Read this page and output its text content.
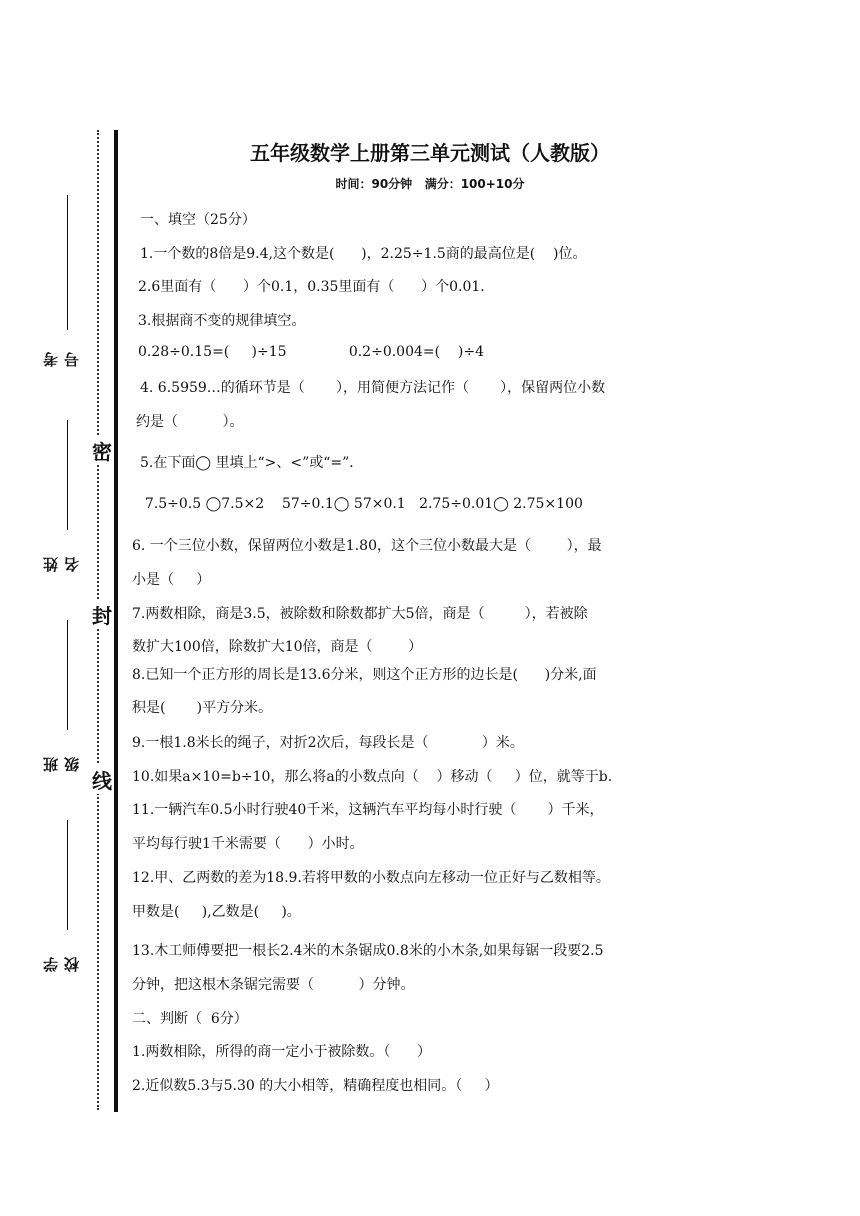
考号
姓名
班级
学校
密
封
线
五年级数学上册第三单元测试（人教版）
时间：90分钟   满分：100+10分
一、填空（25分）
1.一个数的8倍是9.4,这个数是(      )，2.25÷1.5商的最高位是(    )位。
2.6里面有（      ）个0.1，0.35里面有（      ）个0.01.
3.根据商不变的规律填空。
0.28÷0.15=(     )÷15              0.2÷0.004=(    )÷4
4. 6.5959…的循环节是（       ），用简便方法记作（       ），保留两位小数
约是（          ）。
5.在下面◯ 里填上“>、<”或“=”.
7.5÷0.5 ◯7.5×2    57÷0.1◯ 57×0.1   2.75÷0.01◯ 2.75×100
6. 一个三位小数，保留两位小数是1.80，这个三位小数最大是（        ），最
小是（     ）
7.两数相除，商是3.5，被除数和除数都扩大5倍，商是（         ），若被除
数扩大100倍，除数扩大10倍，商是（        ）
8.已知一个正方形的周长是13.6分米，则这个正方形的边长是(      )分米,面
积是(       )平方分米。
9.一根1.8米长的绳子，对折2次后，每段长是（            ）米。
10.如果a×10=b÷10，那么将a的小数点向（    ）移动（     ）位，就等于b.
11.一辆汽车0.5小时行驶40千米，这辆汽车平均每小时行驶（       ）千米，
平均每行驶1千米需要（      ）小时。
12.甲、乙两数的差为18.9.若将甲数的小数点向左移动一位正好与乙数相等。
甲数是(     ),乙数是(     )。
13.木工师傅要把一根长2.4米的木条锯成0.8米的小木条,如果每锯一段要2.5
分钟，把这根木条锯完需要（          ）分钟。
二、判断（  6分）
1.两数相除，所得的商一定小于被除数。（      ）
2.近似数5.3与5.30 的大小相等，精确程度也相同。（     ）
